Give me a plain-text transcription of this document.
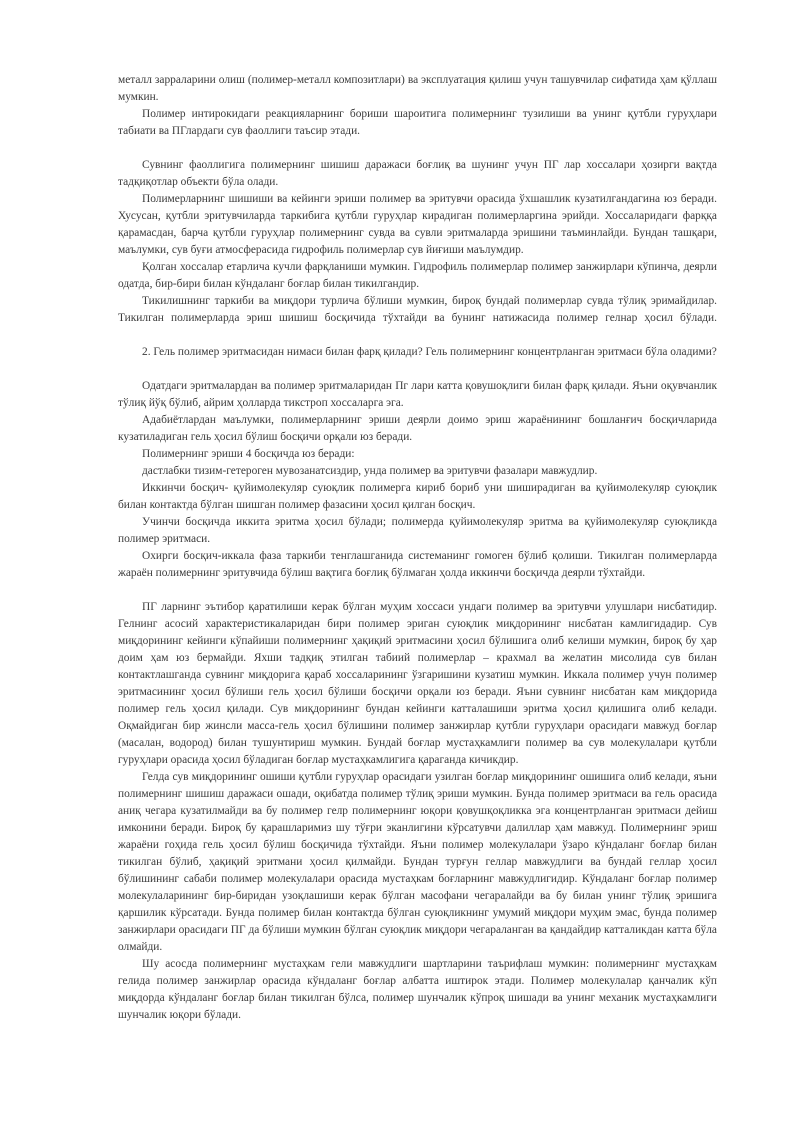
металл зарраларини олиш (полимер-металл композитлари) ва эксплуатация қилиш учун ташувчилар сифатида ҳам қўллаш мумкин.

Полимер интирокидаги реакцияларнинг бориши шароитига полимернинг тузилиши ва унинг қутбли гуруҳлари табиати ва ПГлардаги сув фаоллиги таъсир этади.

Сувнинг фаоллигига полимернинг шишиш даражаси боғлиқ ва шунинг учун ПГ лар хоссалари ҳозирги вақтда тадқиқотлар объекти бўла олади.

Полимерларнинг шишиши ва кейинги эриши полимер ва эритувчи орасида ўхшашлик кузатилгандагина юз беради. Хусусан, қутбли эритувчиларда таркибига қутбли гуруҳлар кирадиган полимерларгина эрийди. Хоссаларидаги фарққа қарамасдан, барча қутбли гуруҳлар полимернинг сувда ва сувли эритмаларда эришини таъминлайди. Бундан ташқари, маълумки, сув буғи атмосферасида гидрофиль полимерлар сув йиғиши маълумдир.

Қолган хоссалар етарлича кучли фарқланиши мумкин. Гидрофиль полимерлар полимер занжирлари кўпинча, деярли одатда, бир-бири билан кўндаланг боғлар билан тикилгандир.

Тикилишнинг таркиби ва миқдори турлича бўлиши мумкин, бироқ бундай полимерлар сувда тўлиқ эримайдилар. Тикилган полимерларда эриш шишиш босқичида тўхтайди ва бунинг натижасида полимер гелнар ҳосил бўлади.

2. Гель полимер эритмасидан нимаси билан фарқ қилади? Гель полимернинг концентрланган эритмаси бўла оладими?

Одатдаги эритмалардан ва полимер эритмаларидан Пг лари катта қовушоқлиги билан фарқ қилади. Яъни оқувчанлик тўлиқ йўқ бўлиб, айрим ҳолларда тикстроп хоссаларга эга.

Адабиётлардан маълумки, полимерларнинг эриши деярли доимо эриш жараёнининг бошланғич босқичларида кузатиладиган гель ҳосил бўлиш босқичи орқали юз беради.

Полимернинг эриши 4 босқичда юз беради:

дастлабки тизим-гетероген мувозанатсиздир, унда полимер ва эритувчи фазалари мавжудлир.

Иккинчи босқич- қуйимолекуляр суюқлик полимерга кириб бориб уни шиширадиган ва қуйимолекуляр суюқлик билан контактда бўлган шишган полимер фазасини ҳосил қилган босқич.

Учинчи босқичда иккита эритма ҳосил бўлади; полимерда қуйимолекуляр эритма ва қуйимолекуляр суюқликда полимер эритмаси.

Охирги босқич-иккала фаза таркиби тенглашганида системанинг гомоген бўлиб қолиши. Тикилган полимерларда жараён полимернинг эритувчида бўлиш вақтига боғлиқ бўлмаган ҳолда иккинчи босқичда деярли тўхтайди.

ПГ ларнинг эътибор қаратилиши керак бўлган муҳим хоссаси ундаги полимер ва эритувчи улушлари нисбатидир. Гелнинг асосий характеристикаларидан бири полимер эриган суюқлик миқдорининг нисбатан камлигидадир. Сув миқдорининг кейинги кўпайиши полимернинг ҳақиқий эритмасини ҳосил бўлишига олиб келиши мумкин, бироқ бу ҳар доим ҳам юз бермайди. Яхши тадқиқ этилган табиий полимерлар – крахмал ва желатин мисолида сув билан контактлашгандa сувнинг миқдорига қараб хоссаларининг ўзгаришини кузатиш мумкин. Иккала полимер учун полимер эритмасининг ҳосил бўлиши гель ҳосил бўлиши босқичи орқали юз беради. Яъни сувнинг нисбатан кам миқдорида полимер гель ҳосил қилади. Сув миқдорининг бундан кейинги катталашиши эритма ҳосил қилишига олиб келади. Оқмайдиган бир жинсли масса-гель ҳосил бўлишини полимер занжирлар қутбли гуруҳлари орасидаги мавжуд боғлар (масалан, водород) билан тушунтириш мумкин. Бундай боғлар мустаҳкамлиги полимер ва сув молекулалари қутбли гуруҳлари орасида ҳосил бўладиган боғлар мустаҳкамлигига қараганда кичикдир.

Гелда сув миқдорининг ошиши қутбли гуруҳлар орасидаги узилган боғлар миқдорининг ошишига олиб келади, яъни полимернинг шишиш даражаси ошади, оқибатда полимер тўлиқ эриши мумкин. Бунда полимер эритмаси ва гель орасида аниқ чегара кузатилмайди ва бу полимер гелp полимернинг юқори қовушқоқликка эга концентрланган эритмаси дейиш имконини беради. Бироқ бу қарашларимиз шу тўғри эканлигини кўрсатувчи далиллар ҳам мавжуд. Полимернинг эриш жараёни гоҳида гель ҳосил бўлиш босқичида тўхтайди. Яъни полимер молекулалари ўзаро кўндаланг боғлар билан тикилган бўлиб, ҳақиқий эритмани ҳосил қилмайди. Бундан турғун геллар мавжудлиги ва бундай геллар ҳосил бўлишининг сабаби полимер молекулалари орасида мустаҳкам боғларнинг мавжудлигидир. Кўндаланг боғлар полимер молекулаларининг бир-биридан узоқлашиши керак бўлган масофани чегаралайди ва бу билан унинг тўлиқ эришига қаршилик кўрсатади. Бунда полимер билан контактда бўлган суюқликнинг умумий миқдори муҳим эмас, бунда полимер занжирлари орасидаги ПГ да бўлиши мумкин бўлган суюқлик миқдори чегараланган ва қандайдир катталикдан катта бўла олмайди.

Шу асосда полимернинг мустаҳкам гели мавжудлиги шартларини таърифлаш мумкин: полимернинг мустаҳкам гелида полимер занжирлар орасида кўндаланг боғлар албатта иштирок этади. Полимер молекулалар қанчалик кўп миқдорда кўндаланг боғлар билан тикилган бўлса, полимер шунчалик кўпроқ шишади ва унинг механик мустаҳкамлиги шунчалик юқори бўлади.
